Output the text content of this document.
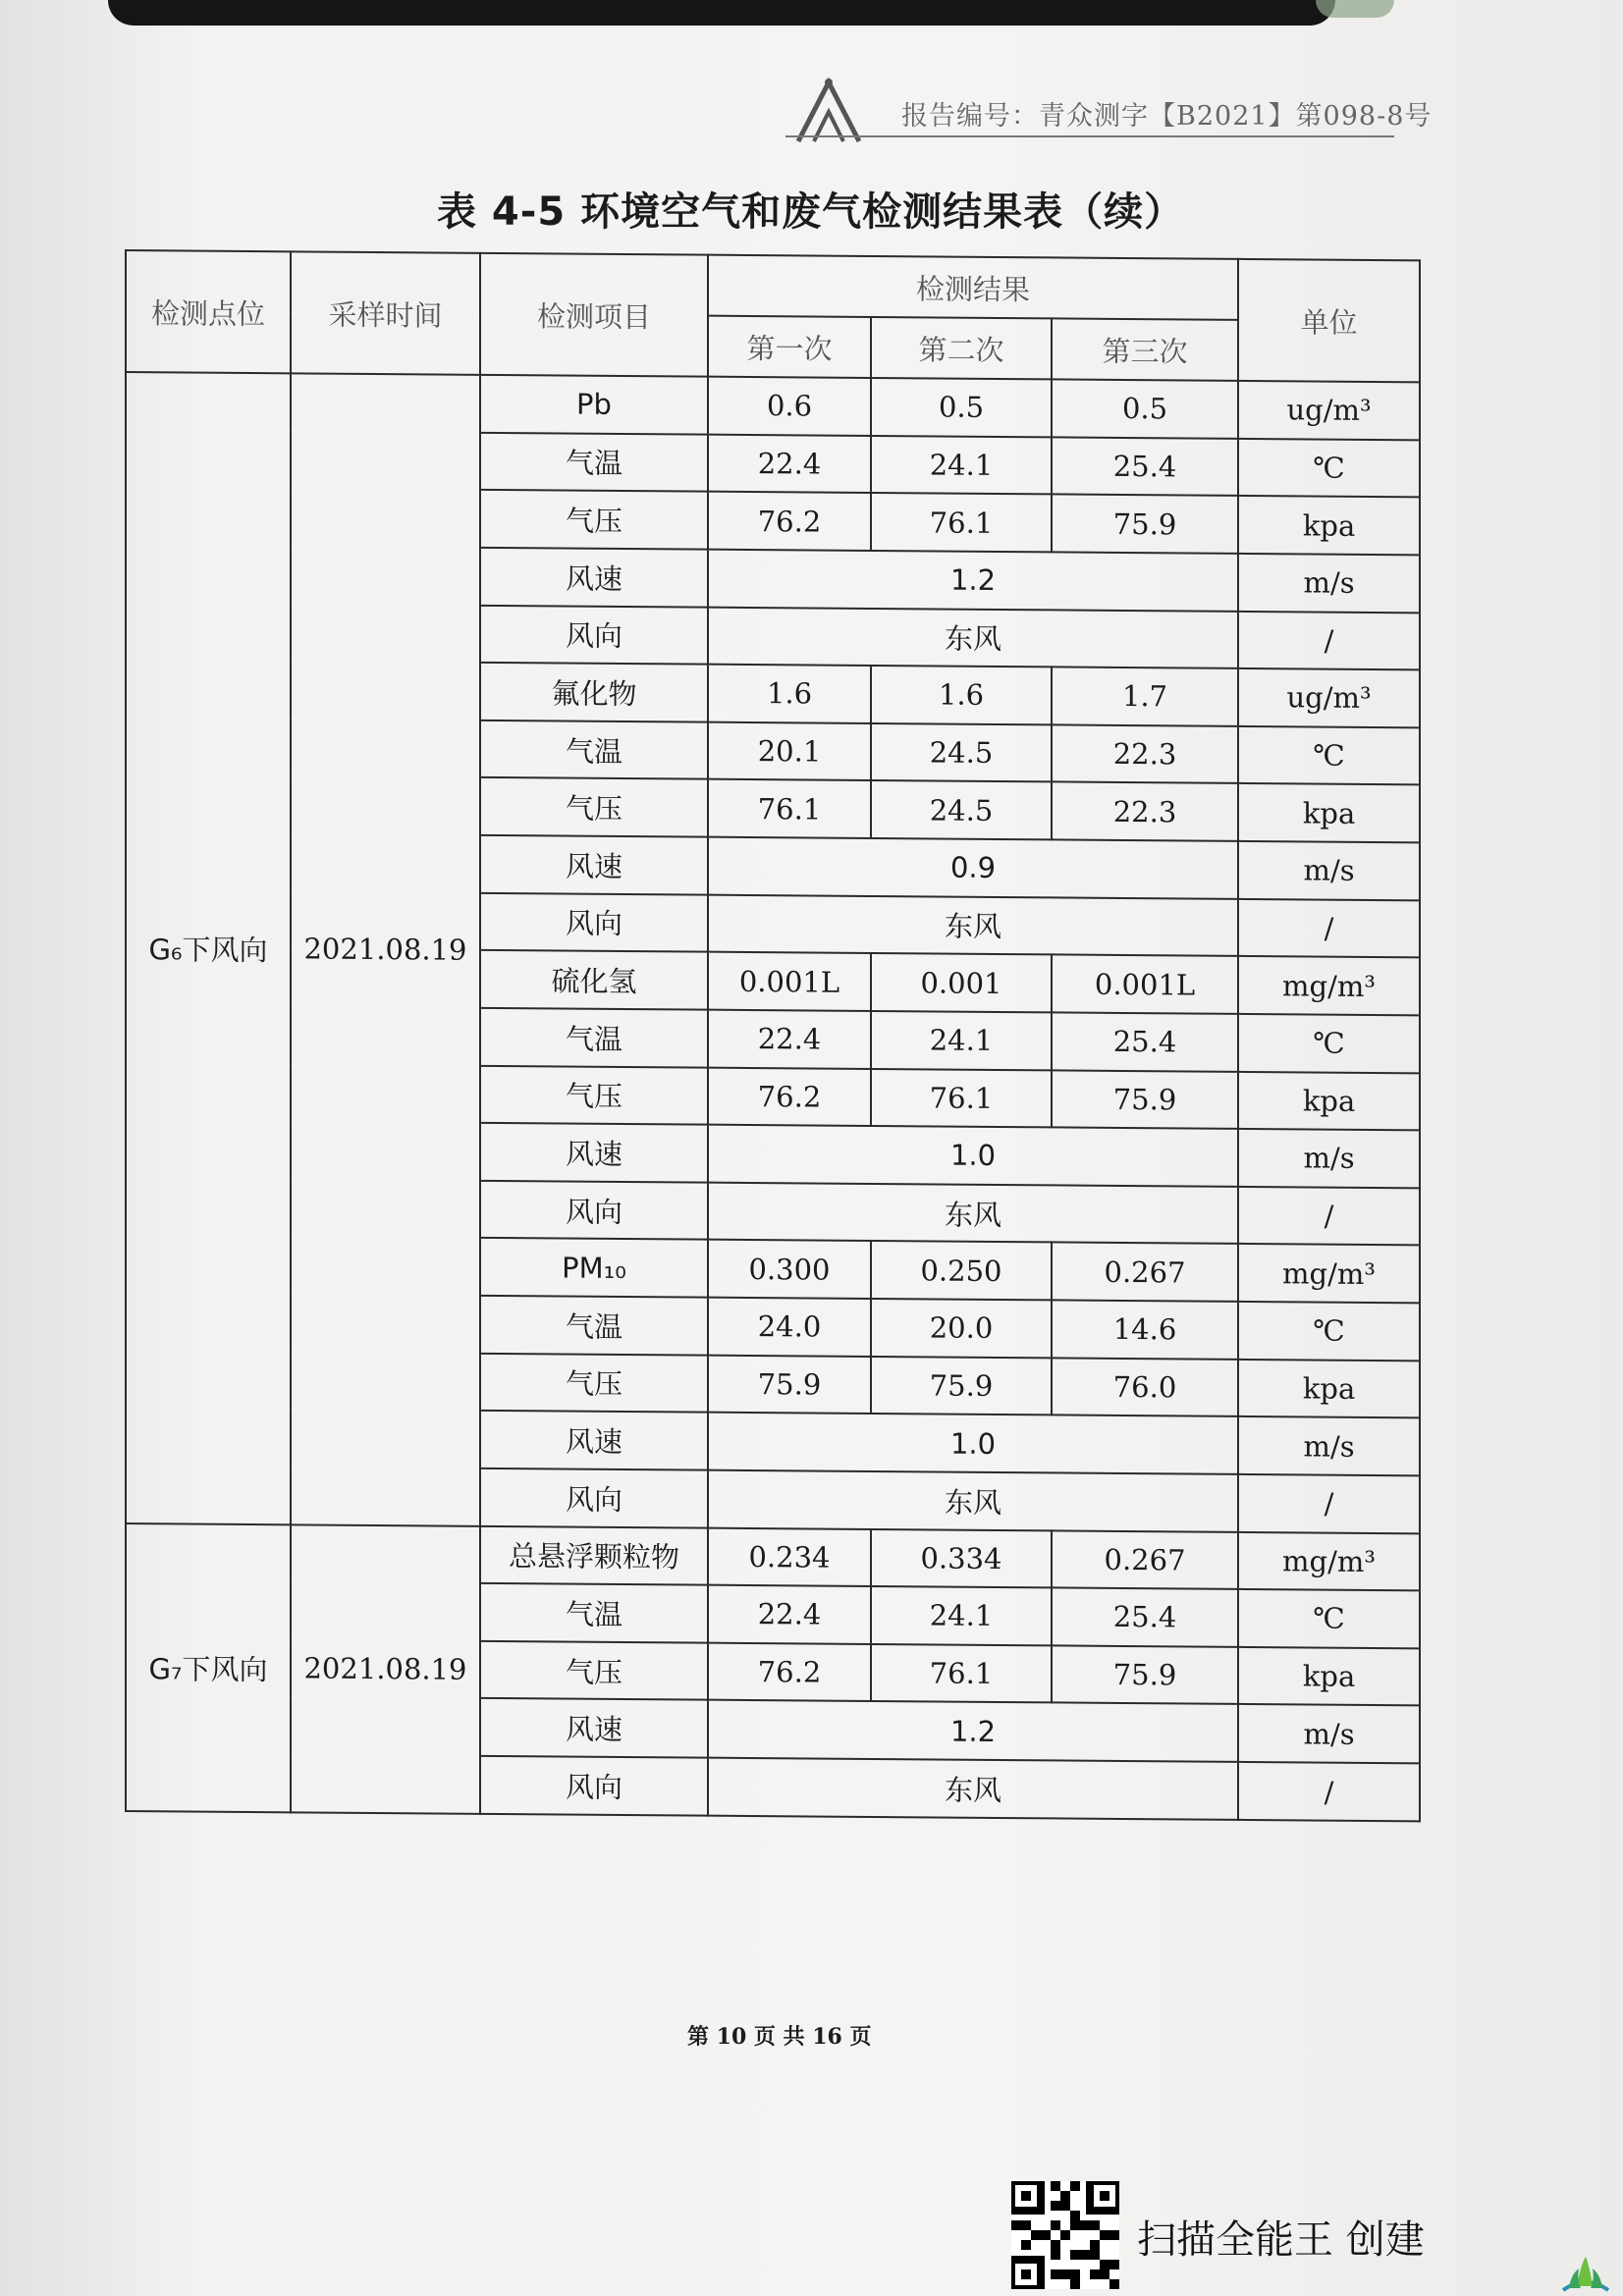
报告编号：青众测字【B2021】第098-8号
表 4-5 环境空气和废气检测结果表（续）
检测点位	采样时间	检测项目	检测结果			单位
			第一次	第二次	第三次	
G₆下风向	2021.08.19	Pb	0.6	0.5	0.5	ug/m³
		气温	22.4	24.1	25.4	℃
		气压	76.2	76.1	75.9	kpa
		风速	1.2			m/s
		风向	东风			/
		氟化物	1.6	1.6	1.7	ug/m³
		气温	20.1	24.5	22.3	℃
		气压	76.1	24.5	22.3	kpa
		风速	0.9			m/s
		风向	东风			/
		硫化氢	0.001L	0.001	0.001L	mg/m³
		气温	22.4	24.1	25.4	℃
		气压	76.2	76.1	75.9	kpa
		风速	1.0			m/s
		风向	东风			/
		PM₁₀	0.300	0.250	0.267	mg/m³
		气温	24.0	20.0	14.6	℃
		气压	75.9	75.9	76.0	kpa
		风速	1.0			m/s
		风向	东风			/
G₇下风向	2021.08.19	总悬浮颗粒物	0.234	0.334	0.267	mg/m³
		气温	22.4	24.1	25.4	℃
		气压	76.2	76.1	75.9	kpa
		风速	1.2			m/s
		风向	东风			/
第 10 页 共 16 页
扫描全能王 创建
